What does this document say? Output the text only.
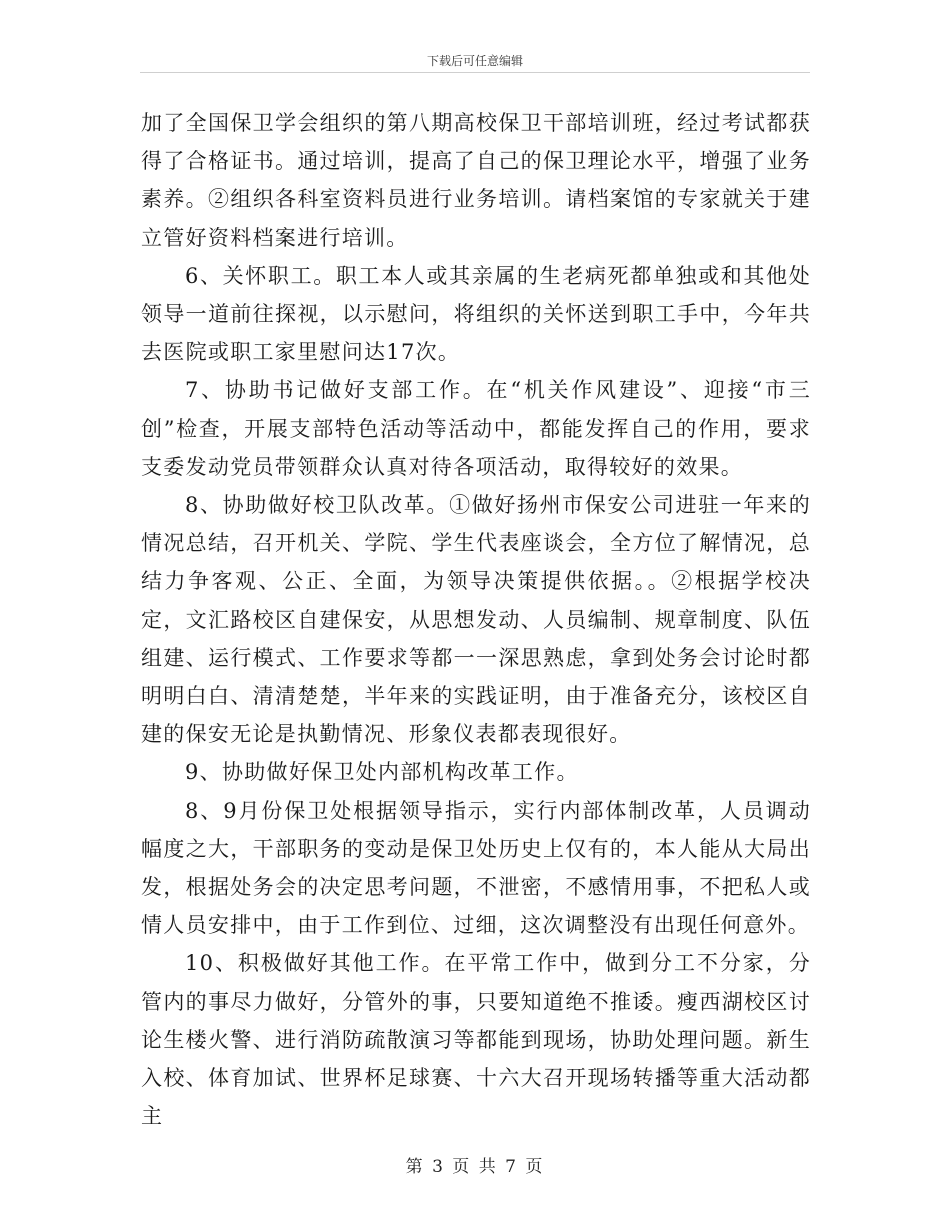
下载后可任意编辑

加了全国保卫学会组织的第八期高校保卫干部培训班，经过考试都获得了合格证书。通过培训，提高了自己的保卫理论水平，增强了业务素养。②组织各科室资料员进行业务培训。请档案馆的专家就关于建立管好资料档案进行培训。

6、关怀职工。职工本人或其亲属的生老病死都单独或和其他处领导一道前往探视，以示慰问，将组织的关怀送到职工手中，今年共去医院或职工家里慰问达17次。

7、协助书记做好支部工作。在“机关作风建设”、迎接“市三创”检查，开展支部特色活动等活动中，都能发挥自己的作用，要求支委发动党员带领群众认真对待各项活动，取得较好的效果。

8、协助做好校卫队改革。①做好扬州市保安公司进驻一年来的情况总结，召开机关、学院、学生代表座谈会，全方位了解情况，总结力争客观、公正、全面，为领导决策提供依据。。②根据学校决定，文汇路校区自建保安，从思想发动、人员编制、规章制度、队伍组建、运行模式、工作要求等都一一深思熟虑，拿到处务会讨论时都明明白白、清清楚楚，半年来的实践证明，由于准备充分，该校区自建的保安无论是执勤情况、形象仪表都表现很好。

9、协助做好保卫处内部机构改革工作。

8、9月份保卫处根据领导指示，实行内部体制改革，人员调动幅度之大，干部职务的变动是保卫处历史上仅有的，本人能从大局出发，根据处务会的决定思考问题，不泄密，不感情用事，不把私人或情人员安排中，由于工作到位、过细，这次调整没有出现任何意外。

10、积极做好其他工作。在平常工作中，做到分工不分家，分管内的事尽力做好，分管外的事，只要知道绝不推诿。瘦西湖校区讨论生楼火警、进行消防疏散演习等都能到现场，协助处理问题。新生入校、体育加试、世界杯足球赛、十六大召开现场转播等重大活动都主

第 3 页 共 7 页
